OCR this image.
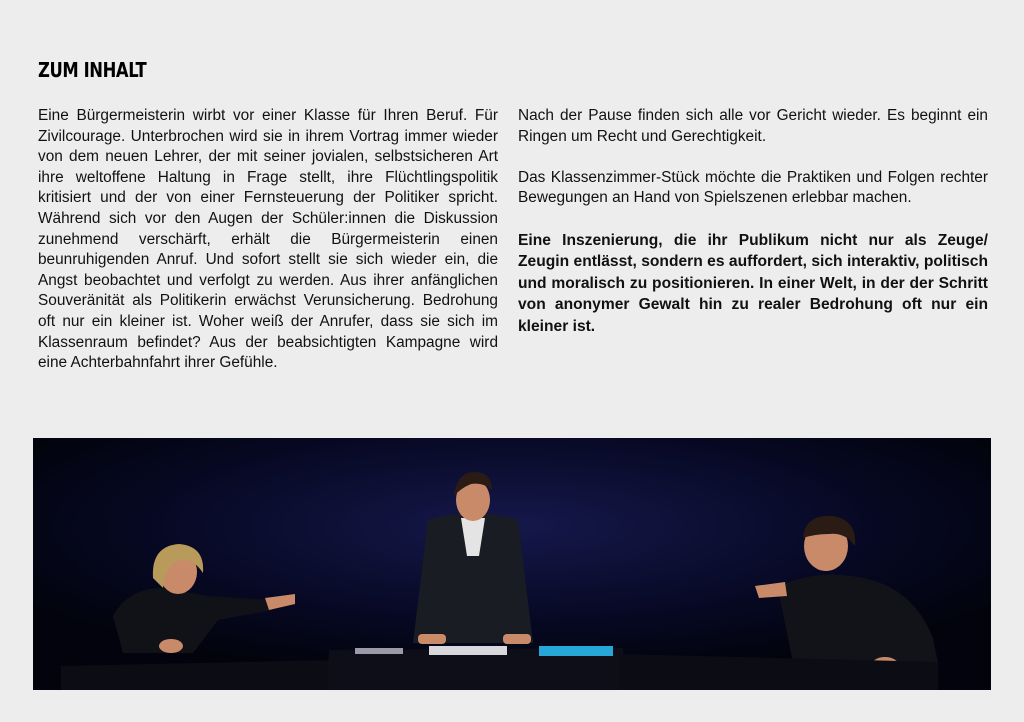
ZUM INHALT

Eine Bürgermeisterin wirbt vor einer Klasse für Ihren Beruf. Für Zivilcourage. Unterbrochen wird sie in ihrem Vortrag immer wieder von dem neuen Lehrer, der mit seiner jovialen, selbstsicheren Art ihre weltoffene Haltung in Frage stellt, ihre Flüchtlingspolitik kritisiert und der von einer Fernsteuerung der Politiker spricht. Während sich vor den Augen der Schüler:innen die Diskussion zunehmend verschärft, erhält die Bürgermeisterin einen beunruhigenden Anruf. Und sofort stellt sie sich wieder ein, die Angst beobachtet und verfolgt zu werden. Aus ihrer anfänglichen Souveränität als Politikerin erwächst Verunsicherung. Bedrohung oft nur ein kleiner ist. Woher weiß der Anrufer, dass sie sich im Klassenraum befindet? Aus der beabsichtigten Kampagne wird eine Achterbahnfahrt ihrer Gefühle.

Nach der Pause finden sich alle vor Gericht wieder. Es beginnt ein Ringen um Recht und Gerechtigkeit.

Das Klassenzimmer-Stück möchte die Praktiken und Folgen rechter Bewegungen an Hand von Spielszenen erlebbar machen.

Eine Inszenierung, die ihr Publikum nicht nur als Zeuge/ Zeugin entlässt, sondern es auffordert, sich interaktiv, politisch und moralisch zu positionieren. In einer Welt, in der der Schritt von anonymer Gewalt hin zu realer Bedrohung oft nur ein kleiner ist.
